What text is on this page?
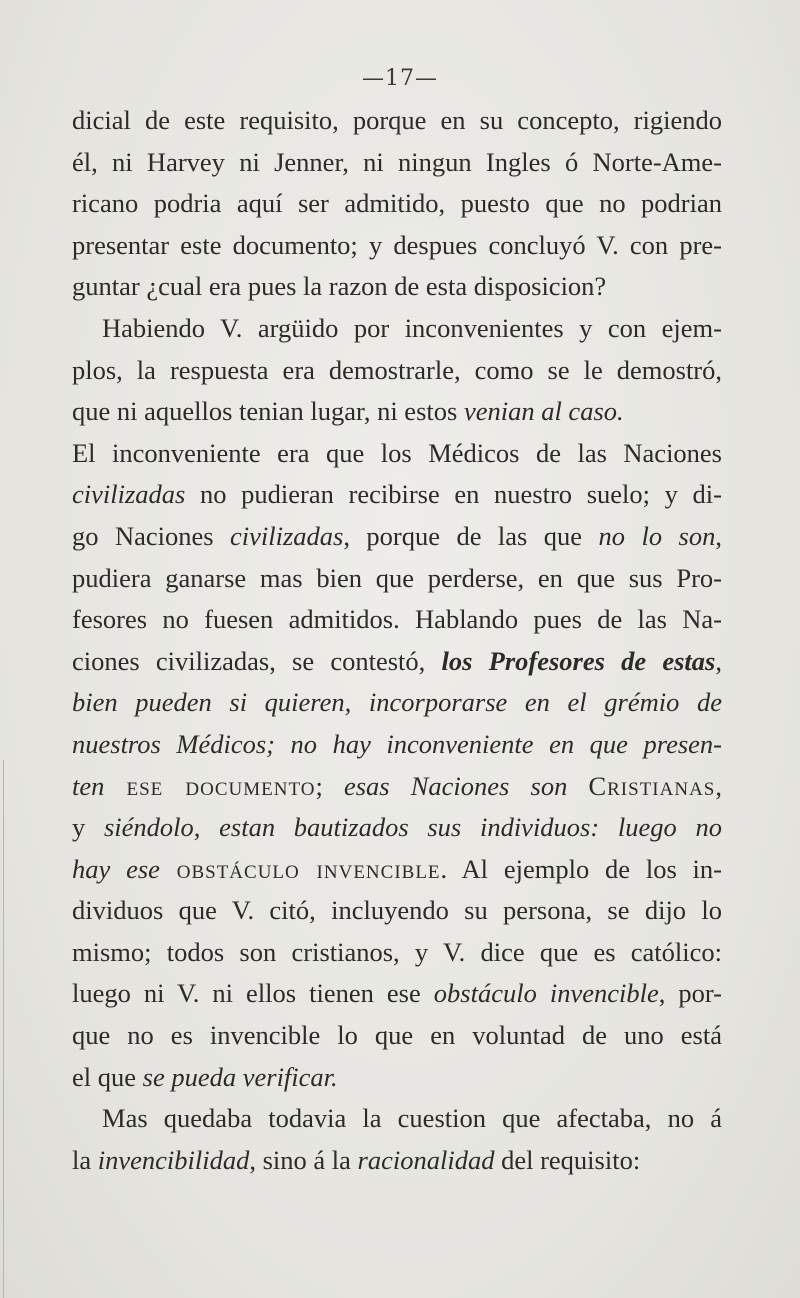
—17—
dicial de este requisito, porque en su concepto, rigiendo
él, ni Harvey ni Jenner, ni ningun Ingles ó Norte-Ame-
ricano podria aquí ser admitido, puesto que no podrian
presentar este documento; y despues concluyó V. con pre-
guntar ¿cual era pues la razon de esta disposicion?
Habiendo V. argüido por inconvenientes y con ejem-
plos, la respuesta era demostrarle, como se le demostró,
que ni aquellos tenian lugar, ni estos venian al caso.
El inconveniente era que los Médicos de las Naciones
civilizadas no pudieran recibirse en nuestro suelo; y di-
go Naciones civilizadas, porque de las que no lo son,
pudiera ganarse mas bien que perderse, en que sus Pro-
fesores no fuesen admitidos. Hablando pues de las Na-
ciones civilizadas, se contestó, los Profesores de estas,
bien pueden si quieren, incorporarse en el grémio de
nuestros Médicos; no hay inconveniente en que presen-
ten ese documento; esas Naciones son Cristianas,
y siéndolo, estan bautizados sus individuos: luego no
hay ese obstáculo invencible. Al ejemplo de los in-
dividuos que V. citó, incluyendo su persona, se dijo lo
mismo; todos son cristianos, y V. dice que es católico:
luego ni V. ni ellos tienen ese obstáculo invencible, por-
que no es invencible lo que en voluntad de uno está
el que se pueda verificar.
Mas quedaba todavia la cuestion que afectaba, no á
la invencibilidad, sino á la racionalidad del requisito:
